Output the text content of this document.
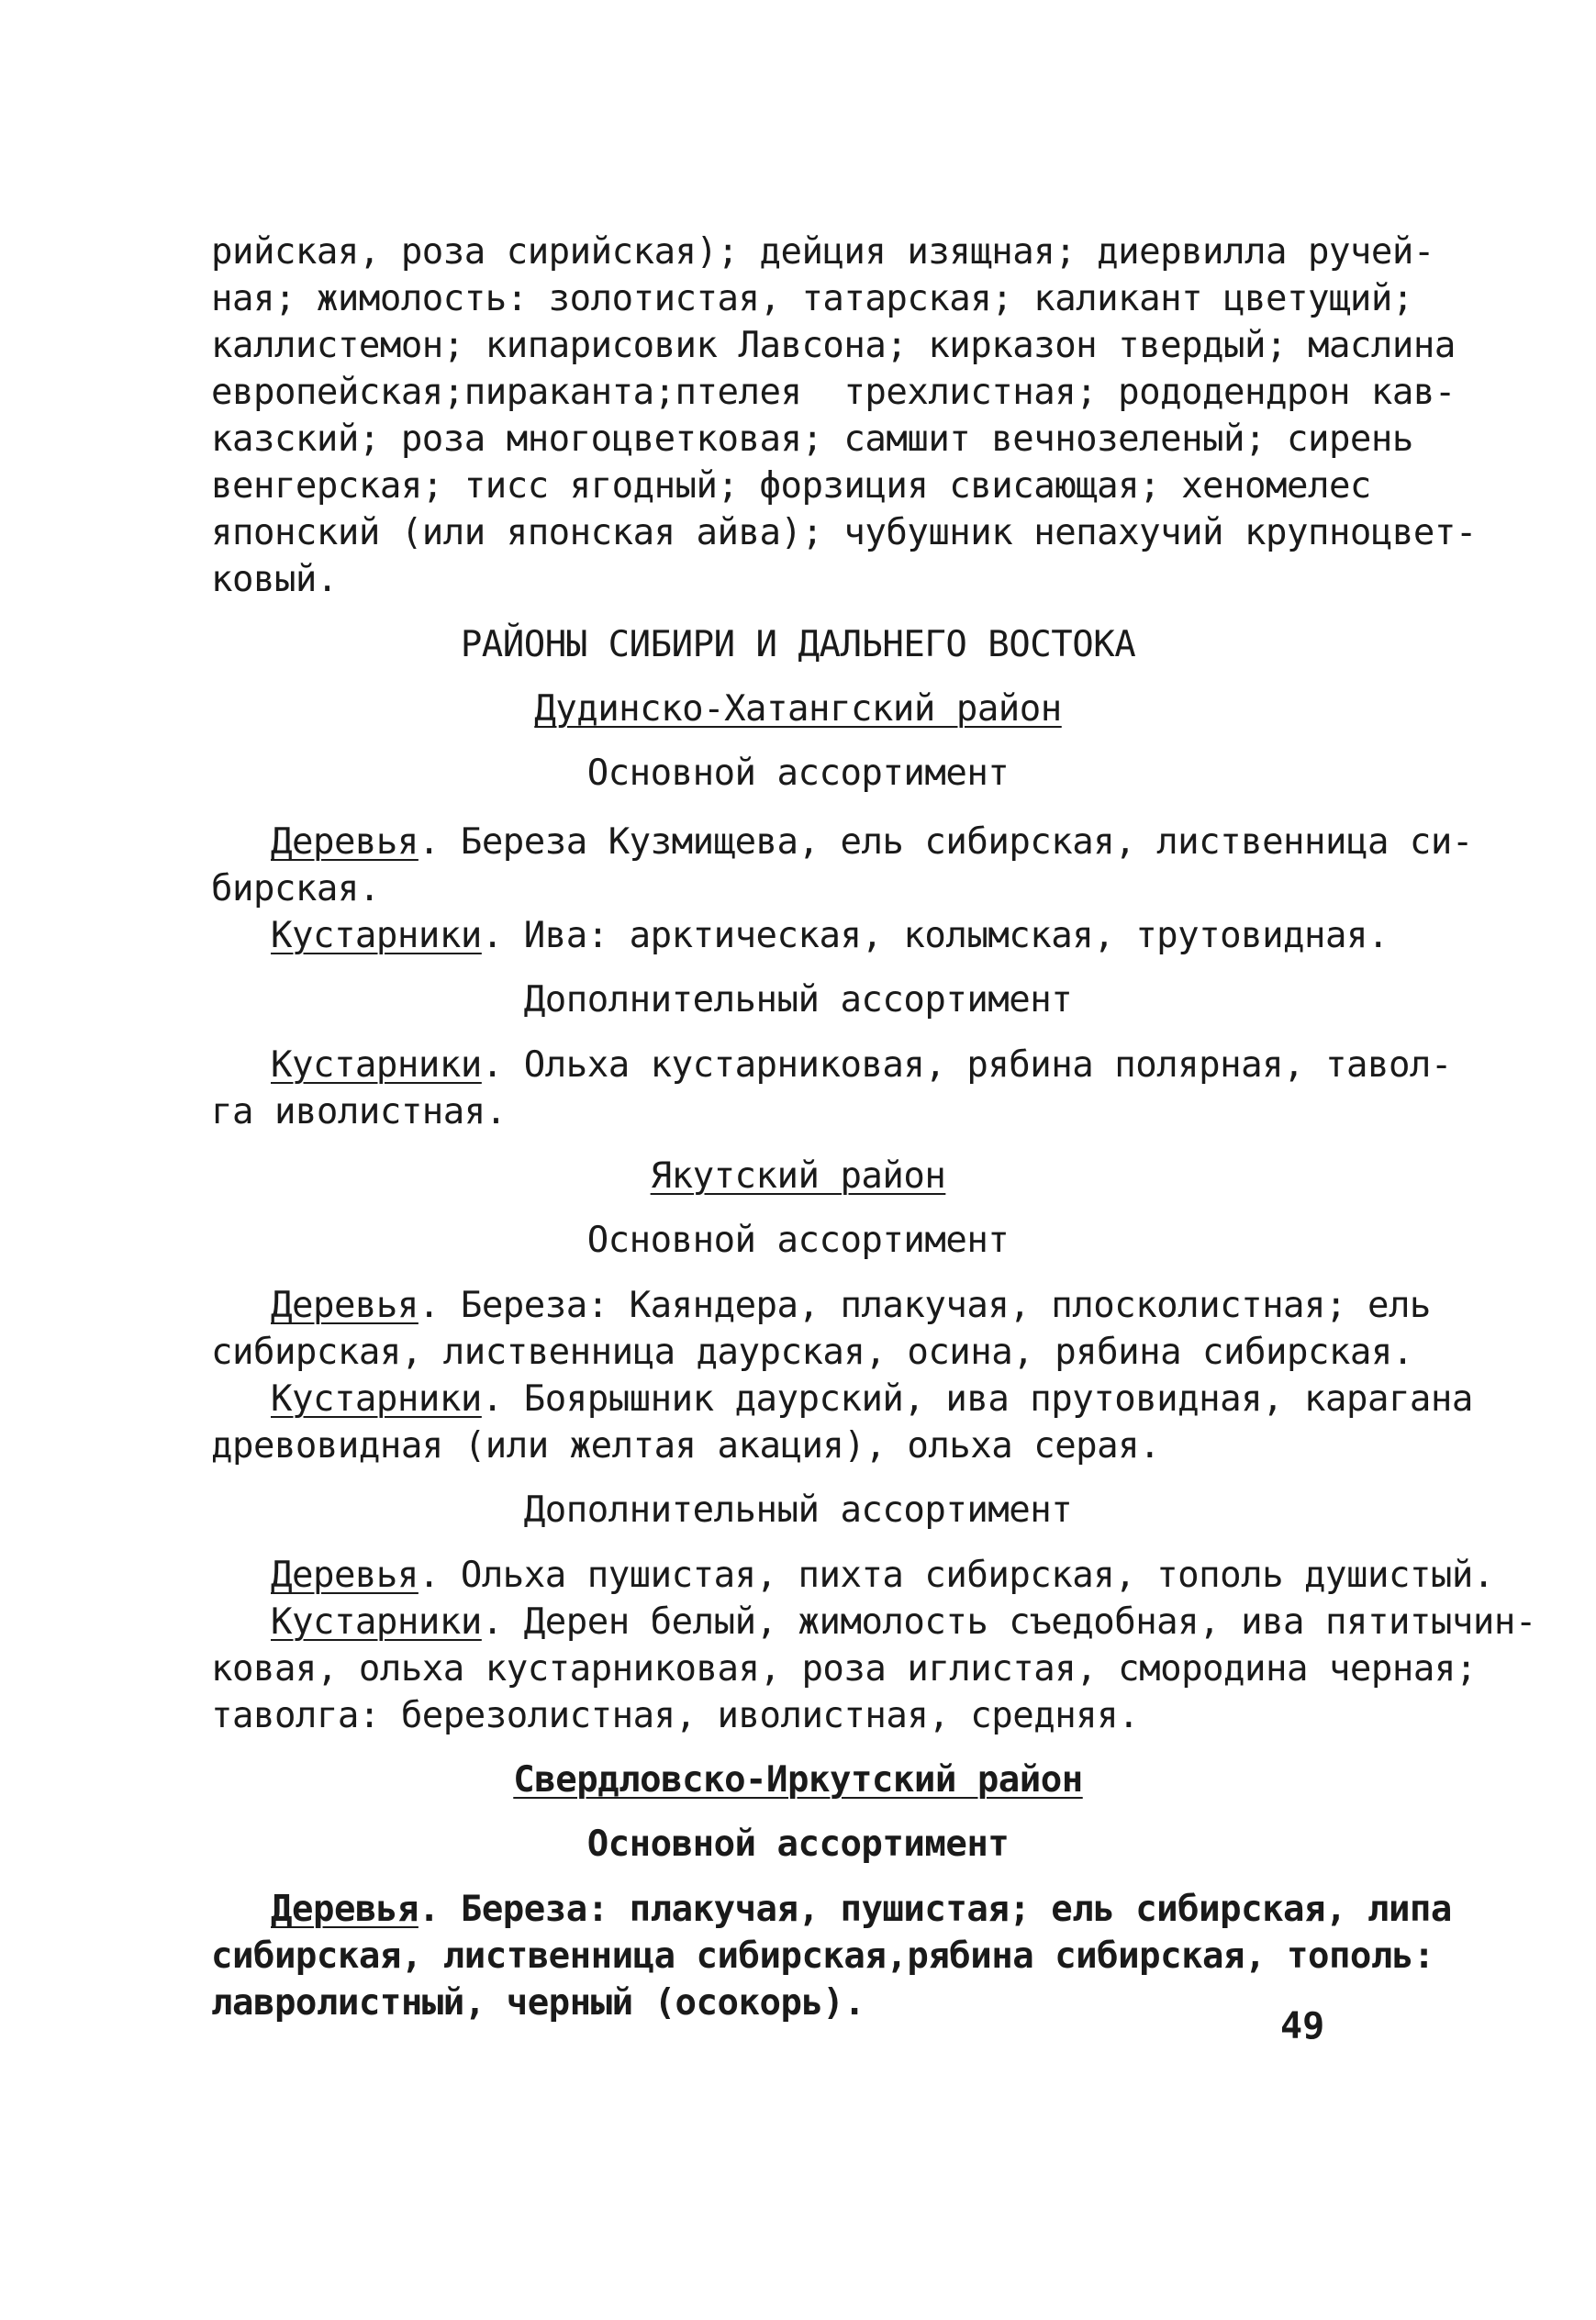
рийская, роза сирийская); дейция изящная; диервилла ручей-
ная; жимолость: золотистая, татарская; каликант цветущий;
каллистемон; кипарисовик Лавсона; кирказон твердый; маслина
европейская;пираканта;птелея  трехлистная; рододендрон кав-
казский; роза многоцветковая; самшит вечнозеленый; сирень
венгерская; тисс ягодный; форзиция свисающая; хеномелес
японский (или японская айва); чубушник непахучий крупноцвет-
ковый.
РАЙОНЫ СИБИРИ И ДАЛЬНЕГО ВОСТОКА
Дудинско-Хатангский район
Основной ассортимент
Деревья. Береза Кузмищева, ель сибирская, лиственница си-
бирская.
Кустарники. Ива: арктическая, колымская, трутовидная.
Дополнительный ассортимент
Кустарники. Ольха кустарниковая, рябина полярная, тавол-
га иволистная.
Якутский район
Основной ассортимент
Деревья. Береза: Каяндера, плакучая, плосколистная; ель
сибирская, лиственница даурская, осина, рябина сибирская.
Кустарники. Боярышник даурский, ива прутовидная, карагана
древовидная (или желтая акация), ольха серая.
Дополнительный ассортимент
Деревья. Ольха пушистая, пихта сибирская, тополь душистый.
Кустарники. Дерен белый, жимолость съедобная, ива пятитычин-
ковая, ольха кустарниковая, роза иглистая, смородина черная;
таволга: березолистная, иволистная, средняя.
Свердловско-Иркутский район
Основной ассортимент
Деревья. Береза: плакучая, пушистая; ель сибирская, липа
сибирская, лиственница сибирская,рябина сибирская, тополь:
лавролистный, черный (осокорь).
49
